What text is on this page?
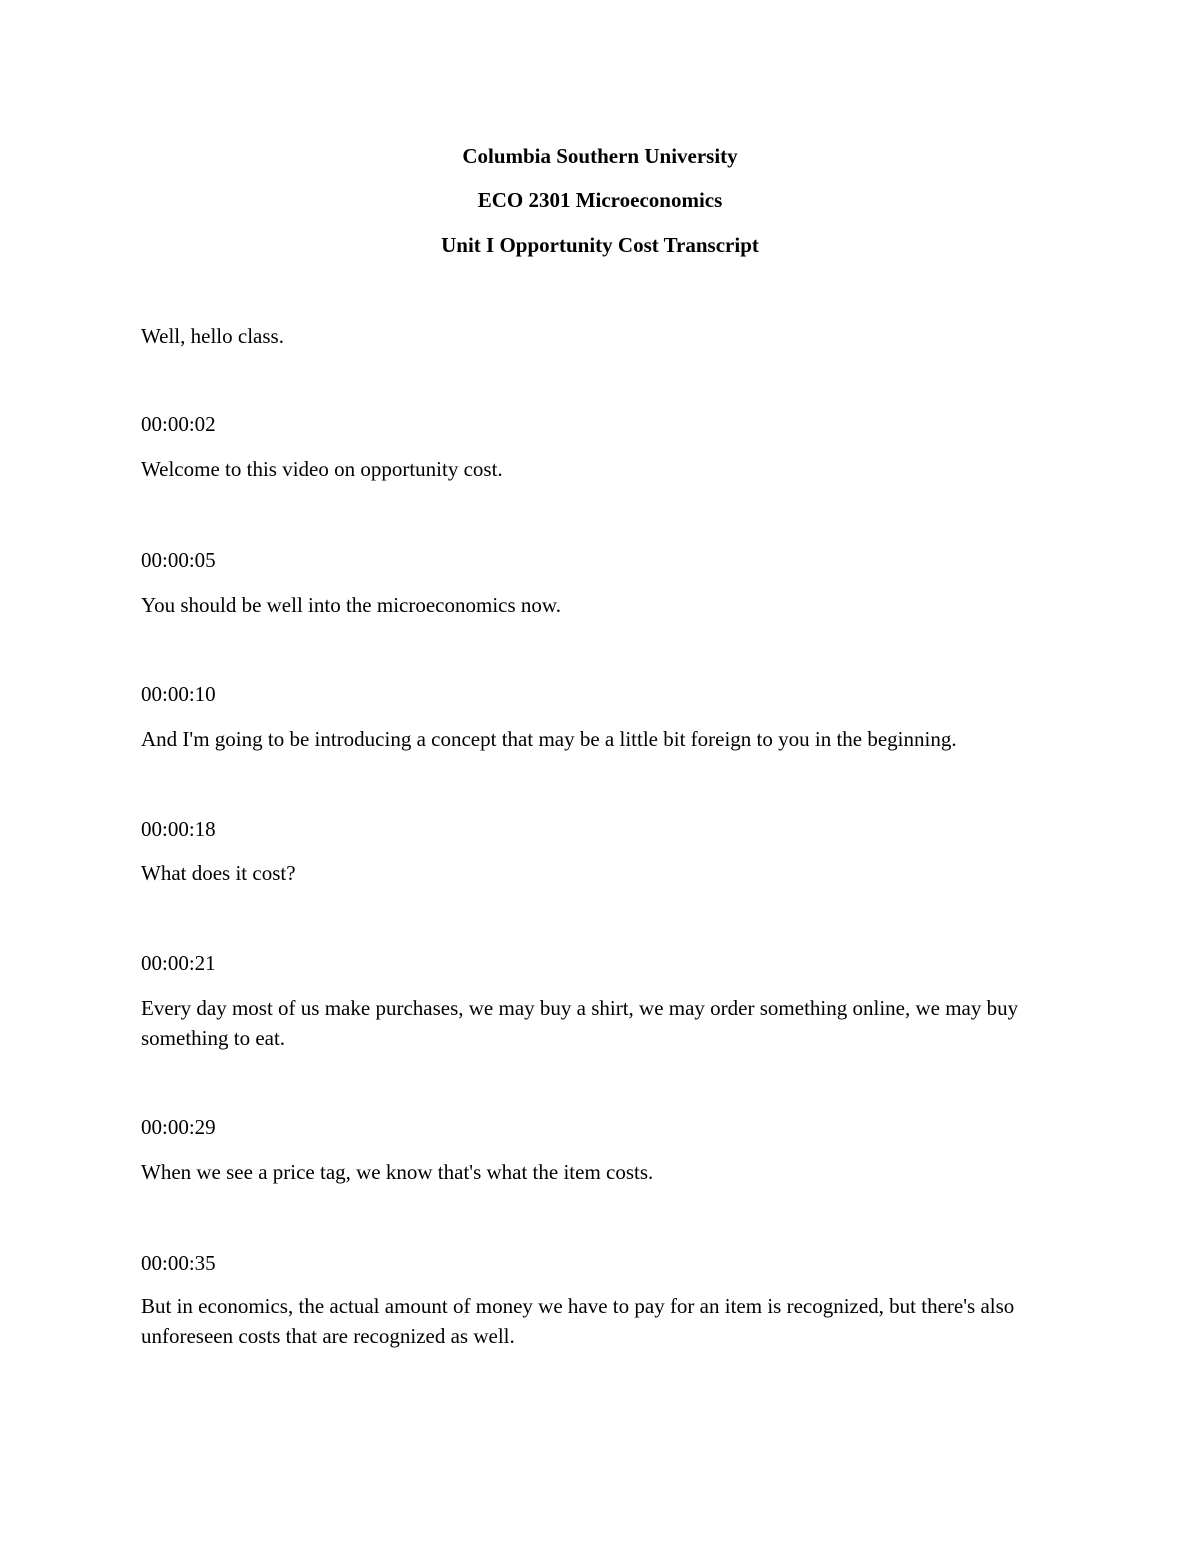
Columbia Southern University

ECO 2301 Microeconomics

Unit I Opportunity Cost Transcript

Well, hello class.

00:00:02

Welcome to this video on opportunity cost.

00:00:05

You should be well into the microeconomics now.

00:00:10

And I'm going to be introducing a concept that may be a little bit foreign to you in the beginning.

00:00:18

What does it cost?

00:00:21

Every day most of us make purchases, we may buy a shirt, we may order something online, we may buy something to eat.

00:00:29

When we see a price tag, we know that's what the item costs.

00:00:35

But in economics, the actual amount of money we have to pay for an item is recognized, but there's also unforeseen costs that are recognized as well.
